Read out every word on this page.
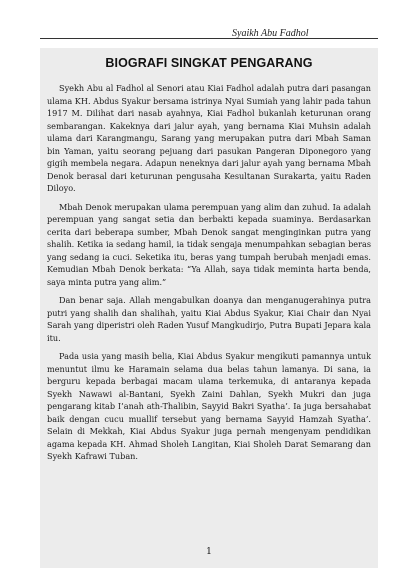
Syaikh Abu Fadhol
BIOGRAFI SINGKAT PENGARANG

Syekh Abu al Fadhol al Senori atau Kiai Fadhol adalah putra dari pasangan ulama KH. Abdus Syakur bersama istrinya Nyai Sumiah yang lahir pada tahun 1917 M. Dilihat dari nasab ayahnya, Kiai Fadhol bukanlah keturunan orang sembarangan. Kakeknya dari jalur ayah, yang bernama Kiai Muhsin adalah ulama dari Karangmangu, Sarang yang merupakan putra dari Mbah Saman bin Yaman, yaitu seorang pejuang dari pasukan Pangeran Diponegoro yang gigih membela negara. Adapun neneknya dari jalur ayah yang bernama Mbah Denok berasal dari keturunan pengusaha Kesultanan Surakarta, yaitu Raden Diloyo.

Mbah Denok merupakan ulama perempuan yang alim dan zuhud. Ia adalah perempuan yang sangat setia dan berbakti kepada suaminya. Berdasarkan cerita dari beberapa sumber, Mbah Denok sangat menginginkan putra yang shalih. Ketika ia sedang hamil, ia tidak sengaja menumpahkan sebagian beras yang sedang ia cuci. Seketika itu, beras yang tumpah berubah menjadi emas. Kemudian Mbah Denok berkata: “Ya Allah, saya tidak meminta harta benda, saya minta putra yang alim.”

Dan benar saja. Allah mengabulkan doanya dan menganugerahinya putra putri yang shalih dan shalihah, yaitu Kiai Abdus Syakur, Kiai Chair dan Nyai Sarah yang diperistri oleh Raden Yusuf Mangkudirjo, Putra Bupati Jepara kala itu.

Pada usia yang masih belia, Kiai Abdus Syakur mengikuti pamannya untuk menuntut ilmu ke Haramain selama dua belas tahun lamanya. Di sana, ia berguru kepada berbagai macam ulama terkemuka, di antaranya kepada Syekh Nawawi al-Bantani, Syekh Zaini Dahlan, Syekh Mukri dan juga pengarang kitab I’anah ath-Thalibin, Sayyid Bakri Syatha’. Ia juga bersahabat baik dengan cucu muallif tersebut yang bernama Sayyid Hamzah Syatha’. Selain di Mekkah, Kiai Abdus Syakur juga pernah mengenyam pendidikan agama kepada KH. Ahmad Sholeh Langitan, Kiai Sholeh Darat Semarang dan Syekh Kafrawi Tuban.

1
